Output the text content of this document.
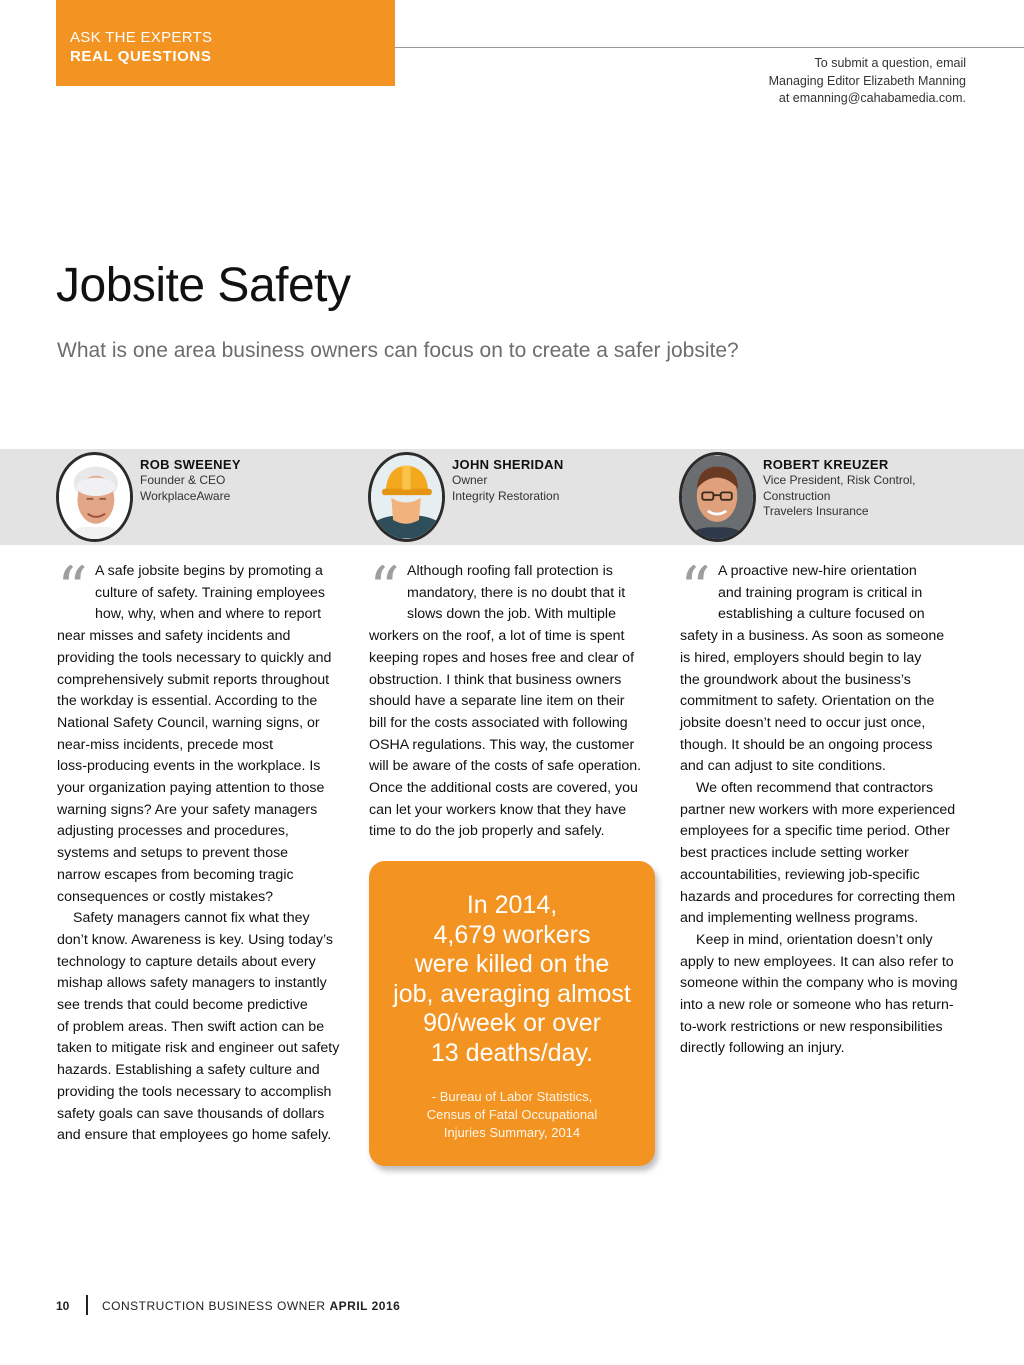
ASK THE EXPERTS
REAL QUESTIONS	To submit a question, email
Managing Editor Elizabeth Manning
at emanning@cahabamedia.com.
Jobsite Safety
What is one area business owners can focus on to create a safer jobsite?
ROB SWEENEY
Founder & CEO
WorkplaceAware
JOHN SHERIDAN
Owner
Integrity Restoration
ROBERT KREUZER
Vice President, Risk Control,
Construction
Travelers Insurance
“ A safe jobsite begins by promoting a
culture of safety. Training employees
how, why, when and where to report
near misses and safety incidents and
providing the tools necessary to quickly and
comprehensively submit reports throughout
the workday is essential. According to the
National Safety Council, warning signs, or
near-miss incidents, precede most
loss-producing events in the workplace. Is
your organization paying attention to those
warning signs? Are your safety managers
adjusting processes and procedures,
systems and setups to prevent those
narrow escapes from becoming tragic
consequences or costly mistakes?

Safety managers cannot fix what they
don’t know. Awareness is key. Using today’s
technology to capture details about every
mishap allows safety managers to instantly
see trends that could become predictive
of problem areas. Then swift action can be
taken to mitigate risk and engineer out safety
hazards. Establishing a safety culture and
providing the tools necessary to accomplish
safety goals can save thousands of dollars
and ensure that employees go home safely.

“ Although roofing fall protection is
mandatory, there is no doubt that it
slows down the job. With multiple
workers on the roof, a lot of time is spent
keeping ropes and hoses free and clear of
obstruction. I think that business owners
should have a separate line item on their
bill for the costs associated with following
OSHA regulations. This way, the customer
will be aware of the costs of safe operation.
Once the additional costs are covered, you
can let your workers know that they have
time to do the job properly and safely.

In 2014,
4,679 workers
were killed on the
job, averaging almost
90/week or over
13 deaths/day.
- Bureau of Labor Statistics,
Census of Fatal Occupational
Injuries Summary, 2014
“ A proactive new-hire orientation
and training program is critical in
establishing a culture focused on
safety in a business. As soon as someone
is hired, employers should begin to lay
the groundwork about the business’s
commitment to safety. Orientation on the
jobsite doesn’t need to occur just once,
though. It should be an ongoing process
and can adjust to site conditions.

We often recommend that contractors
partner new workers with more experienced
employees for a specific time period. Other
best practices include setting worker
accountabilities, reviewing job-specific
hazards and procedures for correcting them
and implementing wellness programs.

Keep in mind, orientation doesn’t only
apply to new employees. It can also refer to
someone within the company who is moving
into a new role or someone who has return-
to-work restrictions or new responsibilities
directly following an injury.

10	CONSTRUCTION BUSINESS OWNER APRIL 2016
